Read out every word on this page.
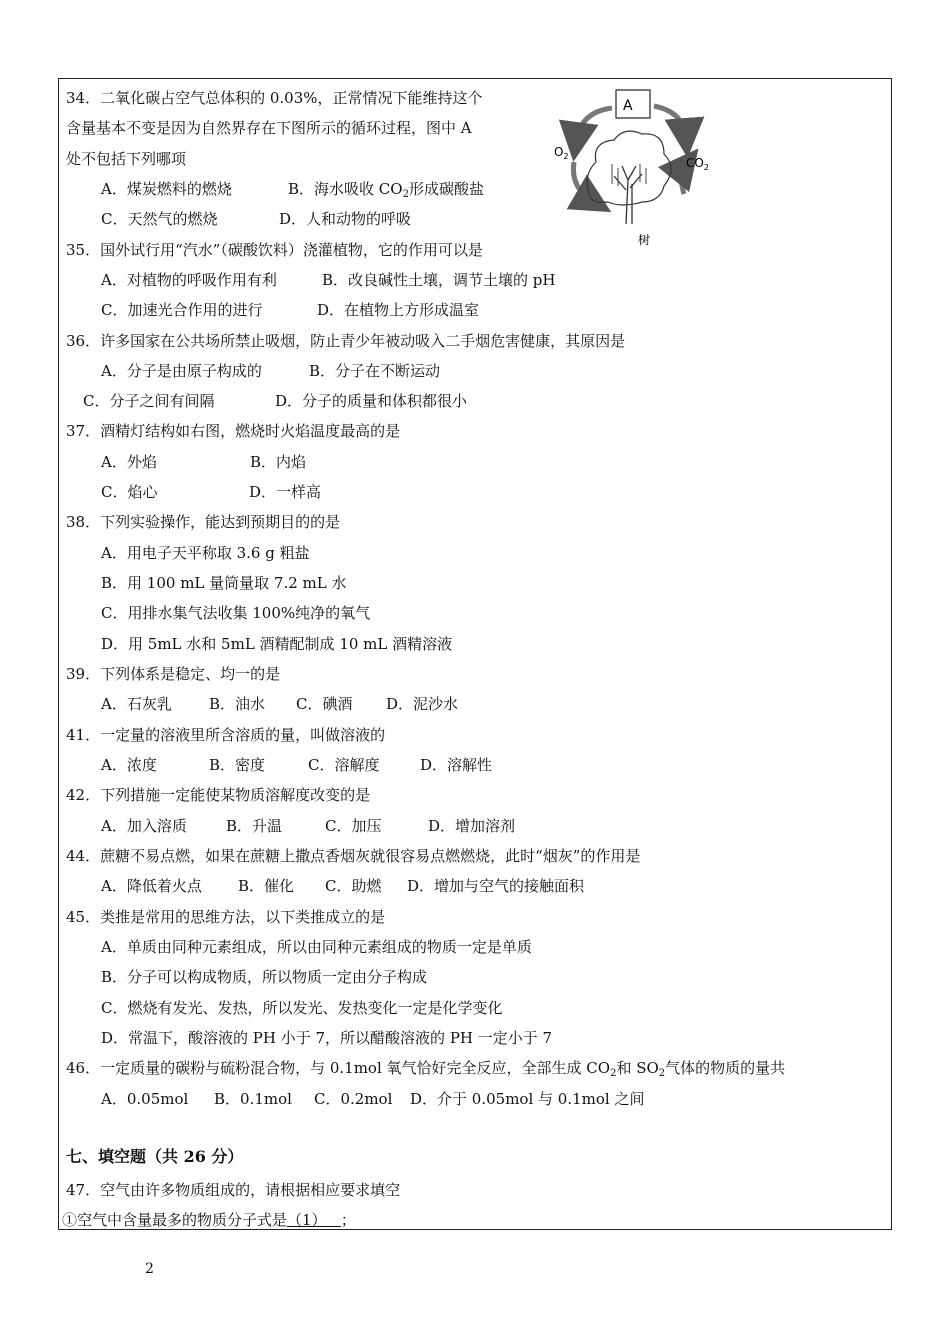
34．二氧化碳占空气总体积的 0.03%，正常情况下能维持这个
含量基本不变是因为自然界存在下图所示的循环过程，图中 A
处不包括下列哪项
A．煤炭燃料的燃烧	B．海水吸收 $CO_2$形成碳酸盐
C．天然气的燃烧	D．人和动物的呼吸
A
$O_2$	$CO_2$
树
35．国外试行用“汽水”（碳酸饮料）浇灌植物，它的作用可以是
A．对植物的呼吸作用有利	B．改良碱性土壤，调节土壤的 pH
C．加速光合作用的进行	D．在植物上方形成温室
36．许多国家在公共场所禁止吸烟，防止青少年被动吸入二手烟危害健康，其原因是
A．分子是由原子构成的	B．分子在不断运动
C．分子之间有间隔	D．分子的质量和体积都很小
37．酒精灯结构如右图，燃烧时火焰温度最高的是
A．外焰	B．内焰
C．焰心	D．一样高
38．下列实验操作，能达到预期目的的是
A．用电子天平称取 3.6 g 粗盐
B．用 100 mL 量筒量取 7.2 mL 水
C．用排水集气法收集 100%纯净的氧气
D．用 5mL 水和 5mL 酒精配制成 10 mL 酒精溶液
39．下列体系是稳定、均一的是
A．石灰乳 B．油水 C．碘酒 D．泥沙水
41．一定量的溶液里所含溶质的量，叫做溶液的
A．浓度	B．密度	C．溶解度	D．溶解性
42．下列措施一定能使某物质溶解度改变的是
A．加入溶质	B．升温	C．加压	D．增加溶剂
44．蔗糖不易点燃，如果在蔗糖上撒点香烟灰就很容易点燃燃烧，此时“烟灰”的作用是
A．降低着火点 B．催化 C．助燃 D．增加与空气的接触面积
45．类推是常用的思维方法，以下类推成立的是
A．单质由同种元素组成，所以由同种元素组成的物质一定是单质
B．分子可以构成物质，所以物质一定由分子构成
C．燃烧有发光、发热，所以发光、发热变化一定是化学变化
D．常温下，酸溶液的 PH 小于 7，所以醋酸溶液的 PH 一定小于 7
46．一定质量的碳粉与硫粉混合物，与 0.1mol 氧气恰好完全反应，全部生成 $CO_2$和 $SO_2$气体的物质的量共
A．0.05mol B．0.1mol C．0.2mol D．介于 0.05mol 与 0.1mol 之间
七、填空题（共 26 分）
47．空气由许多物质组成的，请根据相应要求填空
①空气中含量最多的物质分子式是（1） ；
2
